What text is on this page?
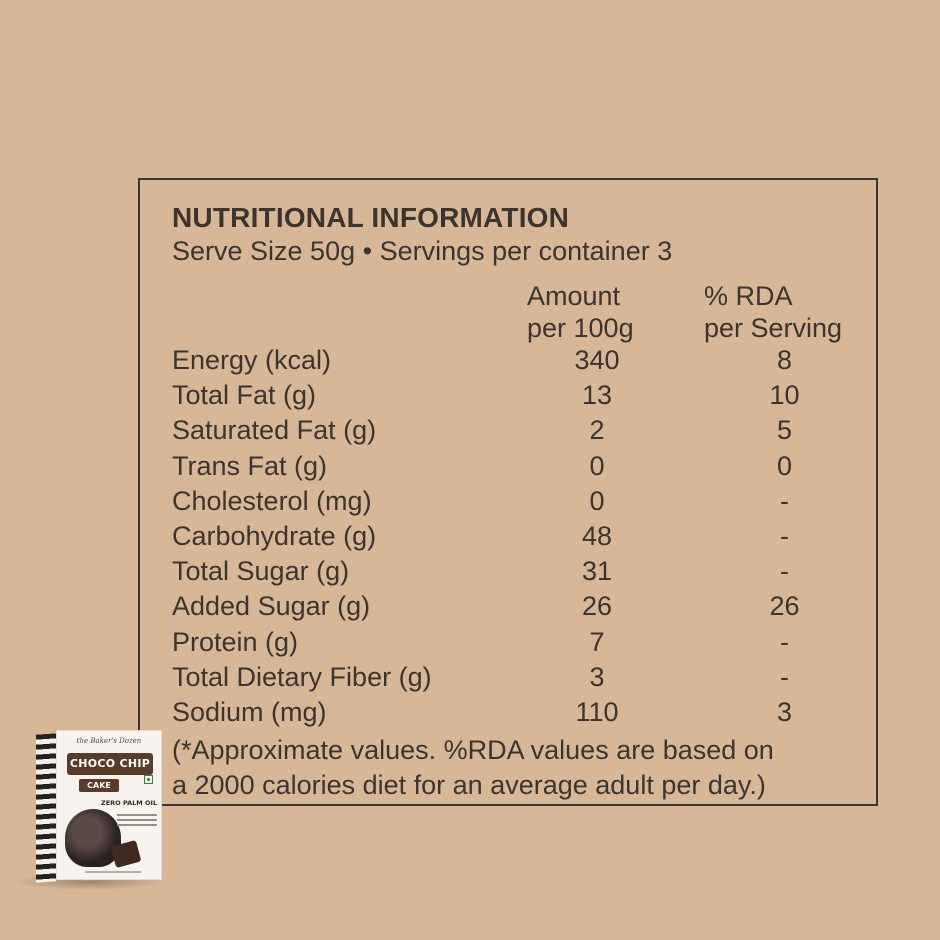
NUTRITIONAL INFORMATION
Serve Size 50g • Servings per container 3
Amount
per 100g
% RDA
per Serving
Energy (kcal)	340	8
Total Fat (g)	13	10
Saturated Fat (g)	2	5
Trans Fat (g)	0	0
Cholesterol (mg)	0	-
Carbohydrate (g)	48	-
Total Sugar (g)	31	-
Added Sugar (g)	26	26
Protein (g)	7	-
Total Dietary Fiber (g)	3	-
Sodium (mg)	110	3
(*Approximate values. %RDA values are based on
a 2000 calories diet for an average adult per day.)
the Baker's Dozen
CHOCO CHIP
CAKE
ZERO PALM OIL
